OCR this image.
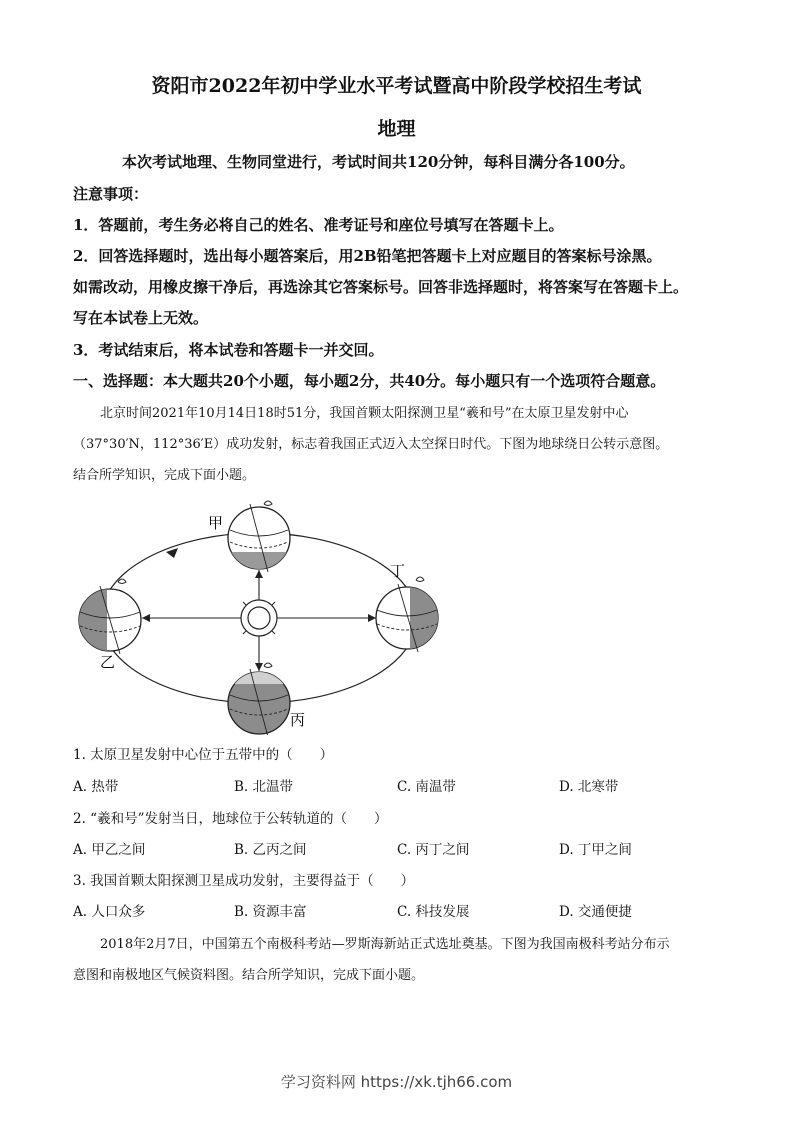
资阳市2022年初中学业水平考试暨高中阶段学校招生考试
地理
本次考试地理、生物同堂进行，考试时间共120分钟，每科目满分各100分。
注意事项：
1．答题前，考生务必将自己的姓名、准考证号和座位号填写在答题卡上。
2．回答选择题时，选出每小题答案后，用2B铅笔把答题卡上对应题目的答案标号涂黑。
如需改动，用橡皮擦干净后，再选涂其它答案标号。回答非选择题时，将答案写在答题卡上。
写在本试卷上无效。
3．考试结束后，将本试卷和答题卡一并交回。
一、选择题：本大题共20个小题，每小题2分，共40分。每小题只有一个选项符合题意。
北京时间2021年10月14日18时51分，我国首颗太阳探测卫星“羲和号”在太原卫星发射中心
（37°30′N，112°36′E）成功发射，标志着我国正式迈入太空探日时代。下图为地球绕日公转示意图。
结合所学知识，完成下面小题。
甲
乙
丁
丙
1. 太原卫星发射中心位于五带中的（　　）
A. 热带	B. 北温带	C. 南温带	D. 北寒带
2. “羲和号”发射当日，地球位于公转轨道的（　　）
A. 甲乙之间	B. 乙丙之间	C. 丙丁之间	D. 丁甲之间
3. 我国首颗太阳探测卫星成功发射，主要得益于（　　）
A. 人口众多	B. 资源丰富	C. 科技发展	D. 交通便捷
2018年2月7日，中国第五个南极科考站—罗斯海新站正式选址奠基。下图为我国南极科考站分布示
意图和南极地区气候资料图。结合所学知识，完成下面小题。
学习资料网 https://xk.tjh66.com
